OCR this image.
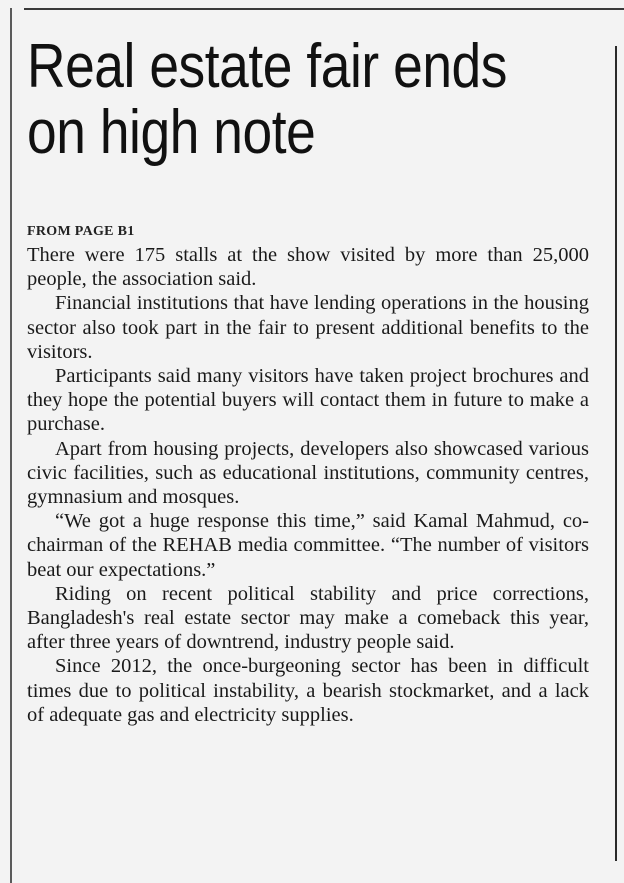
Real estate fair ends
on high note
FROM PAGE B1

There were 175 stalls at the show visited by more than 25,000 people, the association said.

Financial institutions that have lending operations in the housing sector also took part in the fair to present additional benefits to the visitors.

Participants said many visitors have taken project brochures and they hope the potential buyers will contact them in future to make a purchase.

Apart from housing projects, developers also showcased various civic facilities, such as educational institutions, community centres, gymnasium and mosques.

“We got a huge response this time,” said Kamal Mahmud, co-chairman of the REHAB media committee. “The number of visitors beat our expectations.”

Riding on recent political stability and price corrections, Bangladesh's real estate sector may make a comeback this year, after three years of downtrend, industry people said.

Since 2012, the once-burgeoning sector has been in difficult times due to political instability, a bearish stockmarket, and a lack of adequate gas and electricity supplies.
